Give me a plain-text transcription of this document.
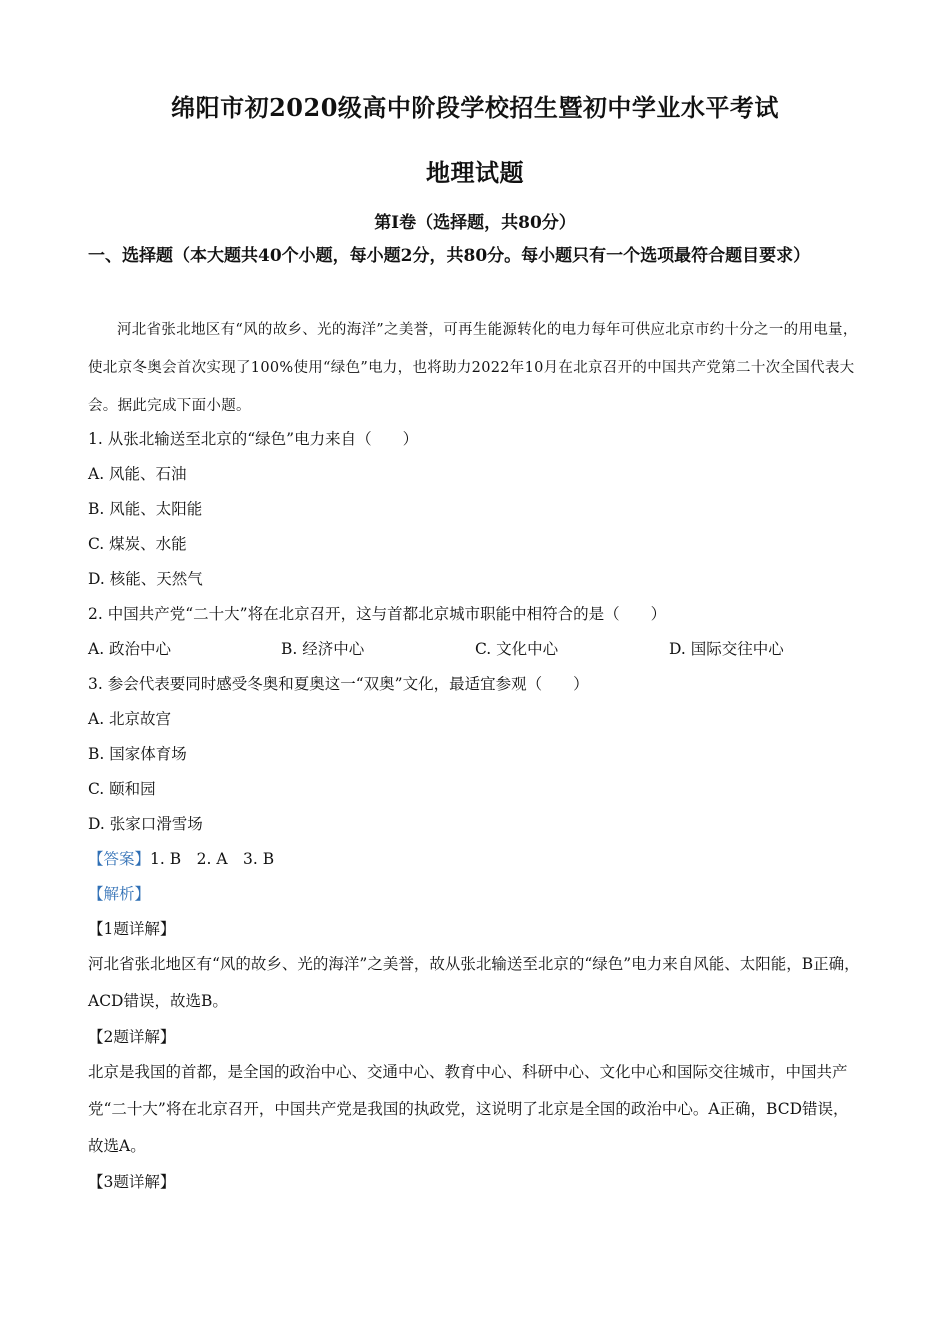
绵阳市初2020级高中阶段学校招生暨初中学业水平考试
地理试题
第Ⅰ卷（选择题，共80分）
一、选择题（本大题共40个小题，每小题2分，共80分。每小题只有一个选项最符合题目要求）
河北省张北地区有“风的故乡、光的海洋”之美誉，可再生能源转化的电力每年可供应北京市约十分之一的用电量，使北京冬奥会首次实现了100%使用“绿色”电力，也将助力2022年10月在北京召开的中国共产党第二十次全国代表大会。据此完成下面小题。
1. 从张北输送至北京的“绿色”电力来自（　　）
A. 风能、石油
B. 风能、太阳能
C. 煤炭、水能
D. 核能、天然气
2. 中国共产党“二十大”将在北京召开，这与首都北京城市职能中相符合的是（　　）
A. 政治中心	B. 经济中心	C. 文化中心	D. 国际交往中心
3. 参会代表要同时感受冬奥和夏奥这一“双奥”文化，最适宜参观（　　）
A. 北京故宫
B. 国家体育场
C. 颐和园
D. 张家口滑雪场
【答案】1. B　2. A　3. B
【解析】
【1题详解】
河北省张北地区有“风的故乡、光的海洋”之美誉，故从张北输送至北京的“绿色”电力来自风能、太阳能，B正确，ACD错误，故选B。
【2题详解】
北京是我国的首都，是全国的政治中心、交通中心、教育中心、科研中心、文化中心和国际交往城市，中国共产党“二十大”将在北京召开，中国共产党是我国的执政党，这说明了北京是全国的政治中心。A正确，BCD错误，故选A。
【3题详解】
